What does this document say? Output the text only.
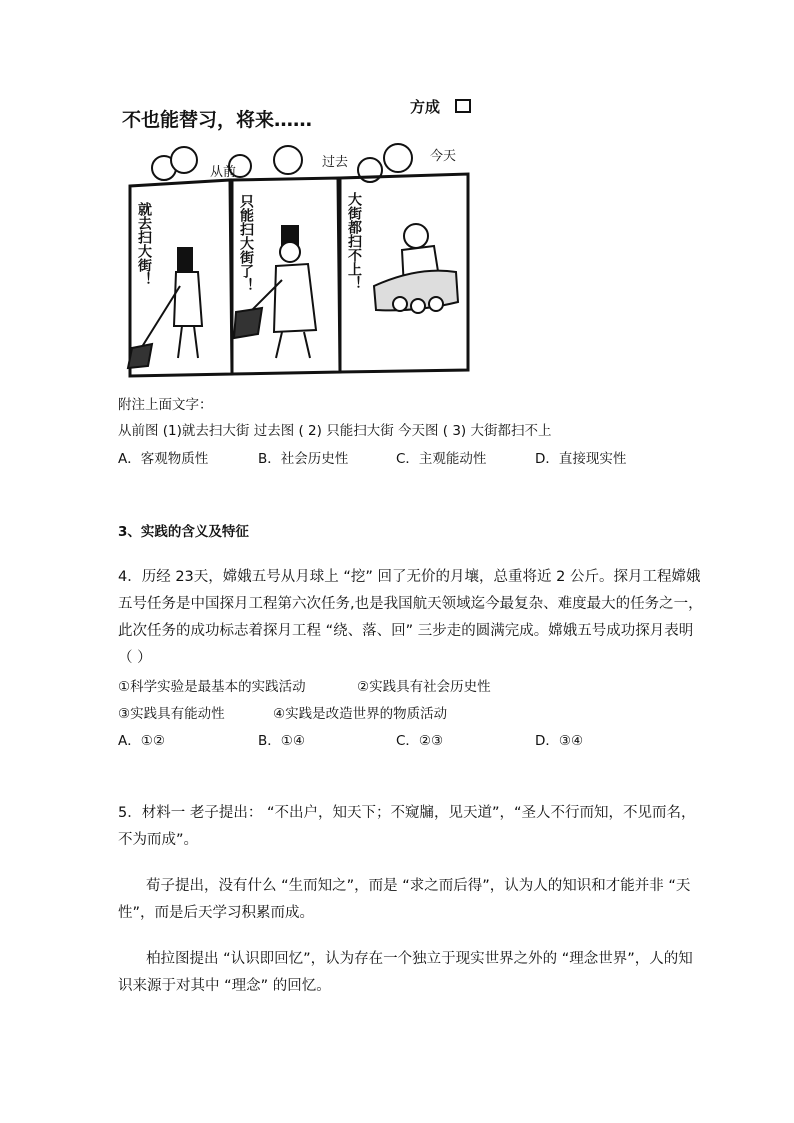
不也能替习，将来……
方成
从前
过去	今天
就去扫大街！	只能扫大街了！	大街都扫不上！
附注上面文字：
从前图 (1)就去扫大街 过去图 ( 2) 只能扫大街 今天图 ( 3) 大街都扫不上
A．客观物质性	B．社会历史性	C．主观能动性	D．直接现实性
3、实践的含义及特征
4．历经 23天，嫦娥五号从月球上 “挖” 回了无价的月壤，总重将近 2 公斤。探月工程嫦娥
五号任务是中国探月工程第六次任务,也是我国航天领域迄今最复杂、难度最大的任务之一，
此次任务的成功标志着探月工程 “绕、落、回” 三步走的圆满完成。嫦娥五号成功探月表明
（ ）
①科学实验是最基本的实践活动	②实践具有社会历史性
③实践具有能动性	④实践是改造世界的物质活动
A．①②	B．①④	C．②③	D．③④
5．材料一 老子提出： “不出户，知天下；不窥牖，见天道”，“圣人不行而知，不见而名，
不为而成”。
荀子提出，没有什么 “生而知之”，而是 “求之而后得”，认为人的知识和才能并非 “天
性”，而是后天学习积累而成。
柏拉图提出 “认识即回忆”，认为存在一个独立于现实世界之外的 “理念世界”，人的知
识来源于对其中 “理念” 的回忆。
